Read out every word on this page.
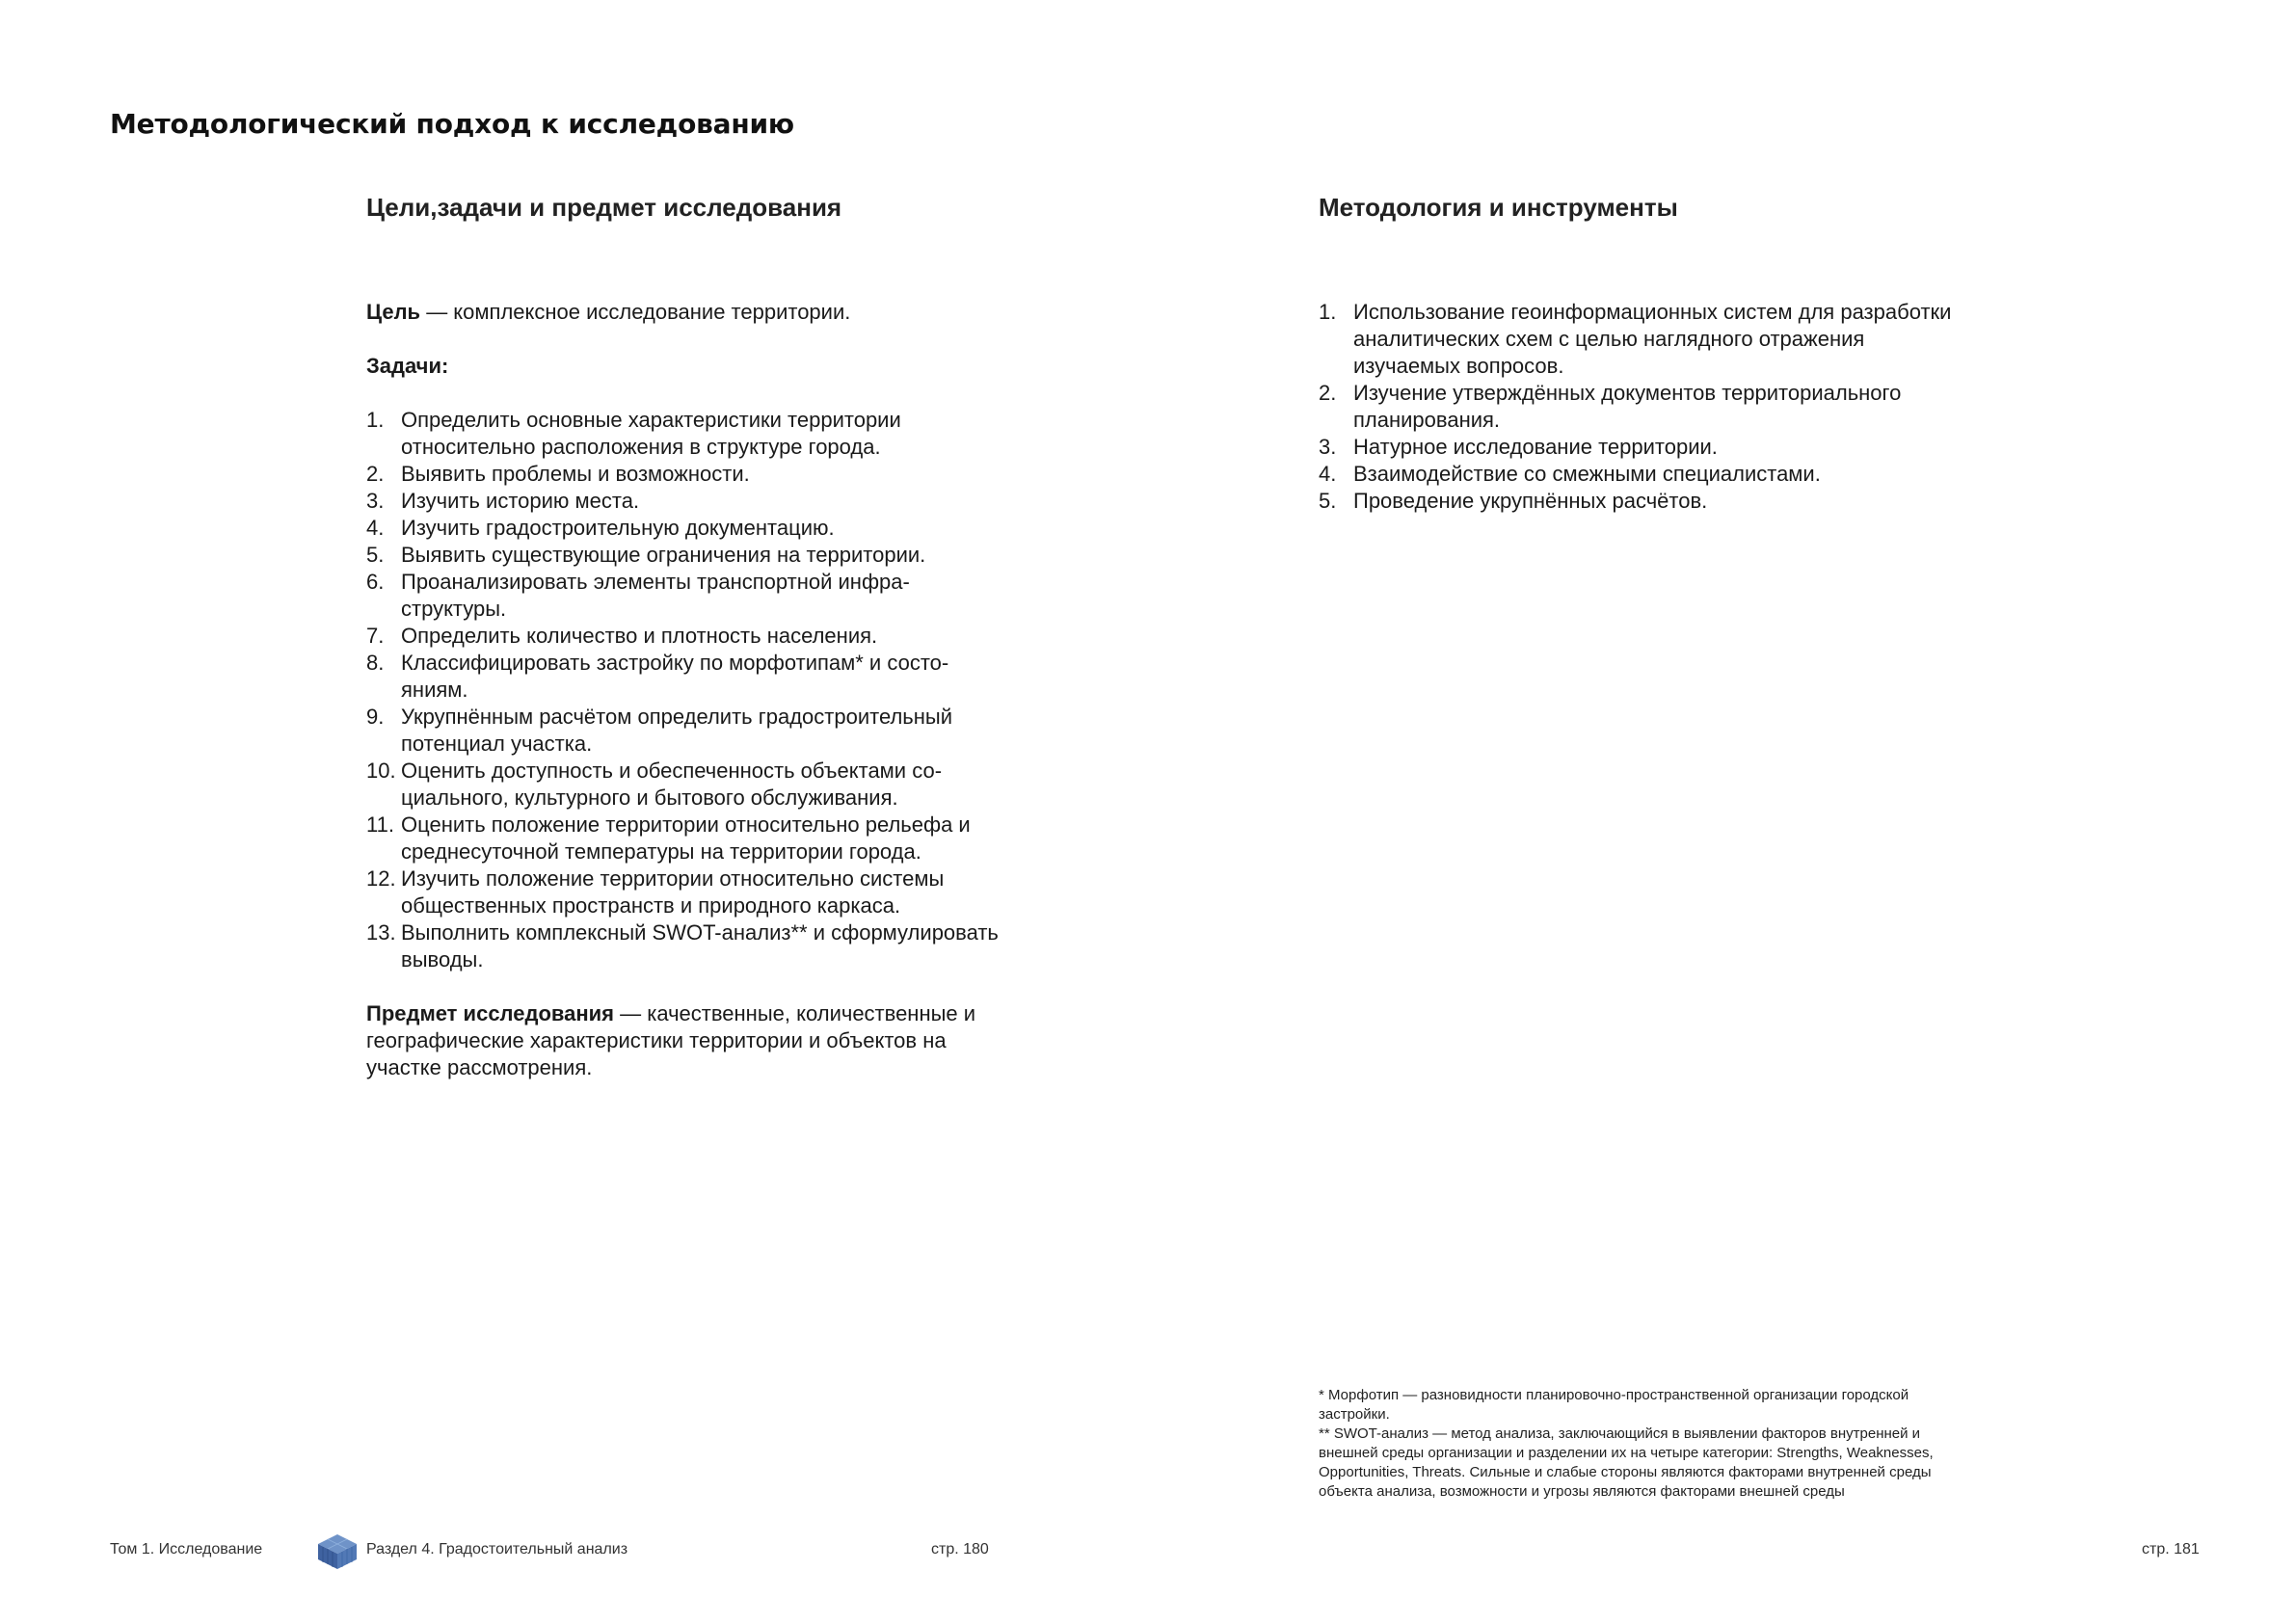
Методологический подход к исследованию
Цели,задачи и предмет исследования

Цель — комплексное исследование территории.

Задачи:

1. Определить основные характеристики территории относительно расположения в структуре города.
2. Выявить проблемы и возможности.
3. Изучить историю места.
4. Изучить градостроительную документацию.
5. Выявить существующие ограничения на территории.
6. Проанализировать элементы транспортной инфраструктуры.
7. Определить количество и плотность населения.
8. Классифицировать застройку по морфотипам* и состояниям.
9. Укрупнённым расчётом определить градостроительный потенциал участка.
10. Оценить доступность и обеспеченность объектами социального, культурного и бытового обслуживания.
11. Оценить положение территории относительно рельефа и среднесуточной температуры на территории города.
12. Изучить положение территории относительно системы общественных пространств и природного каркаса.
13. Выполнить комплексный SWOT-анализ** и сформулировать выводы.

Предмет исследования — качественные, количественные и географические характеристики территории и объектов на участке рассмотрения.

Методология и инструменты
1. Использование геоинформационных систем для разработки аналитических схем с целью наглядного отражения изучаемых вопросов.
2. Изучение утверждённых документов территориального планирования.
3. Натурное исследование территории.
4. Взаимодействие со смежными специалистами.
5. Проведение укрупнённых расчётов.

* Морфотип — разновидности планировочно-пространственной организации городской застройки.

** SWOT-анализ — метод анализа, заключающийся в выявлении факторов внутренней и внешней среды организации и разделении их на четыре категории: Strengths, Weaknesses, Opportunities, Threats. Сильные и слабые стороны являются факторами внутренней среды объекта анализа, возможности и угрозы являются факторами внешней среды

Том 1. Исследование	Раздел 4. Градостоительный анализ	стр. 180	стр. 181
